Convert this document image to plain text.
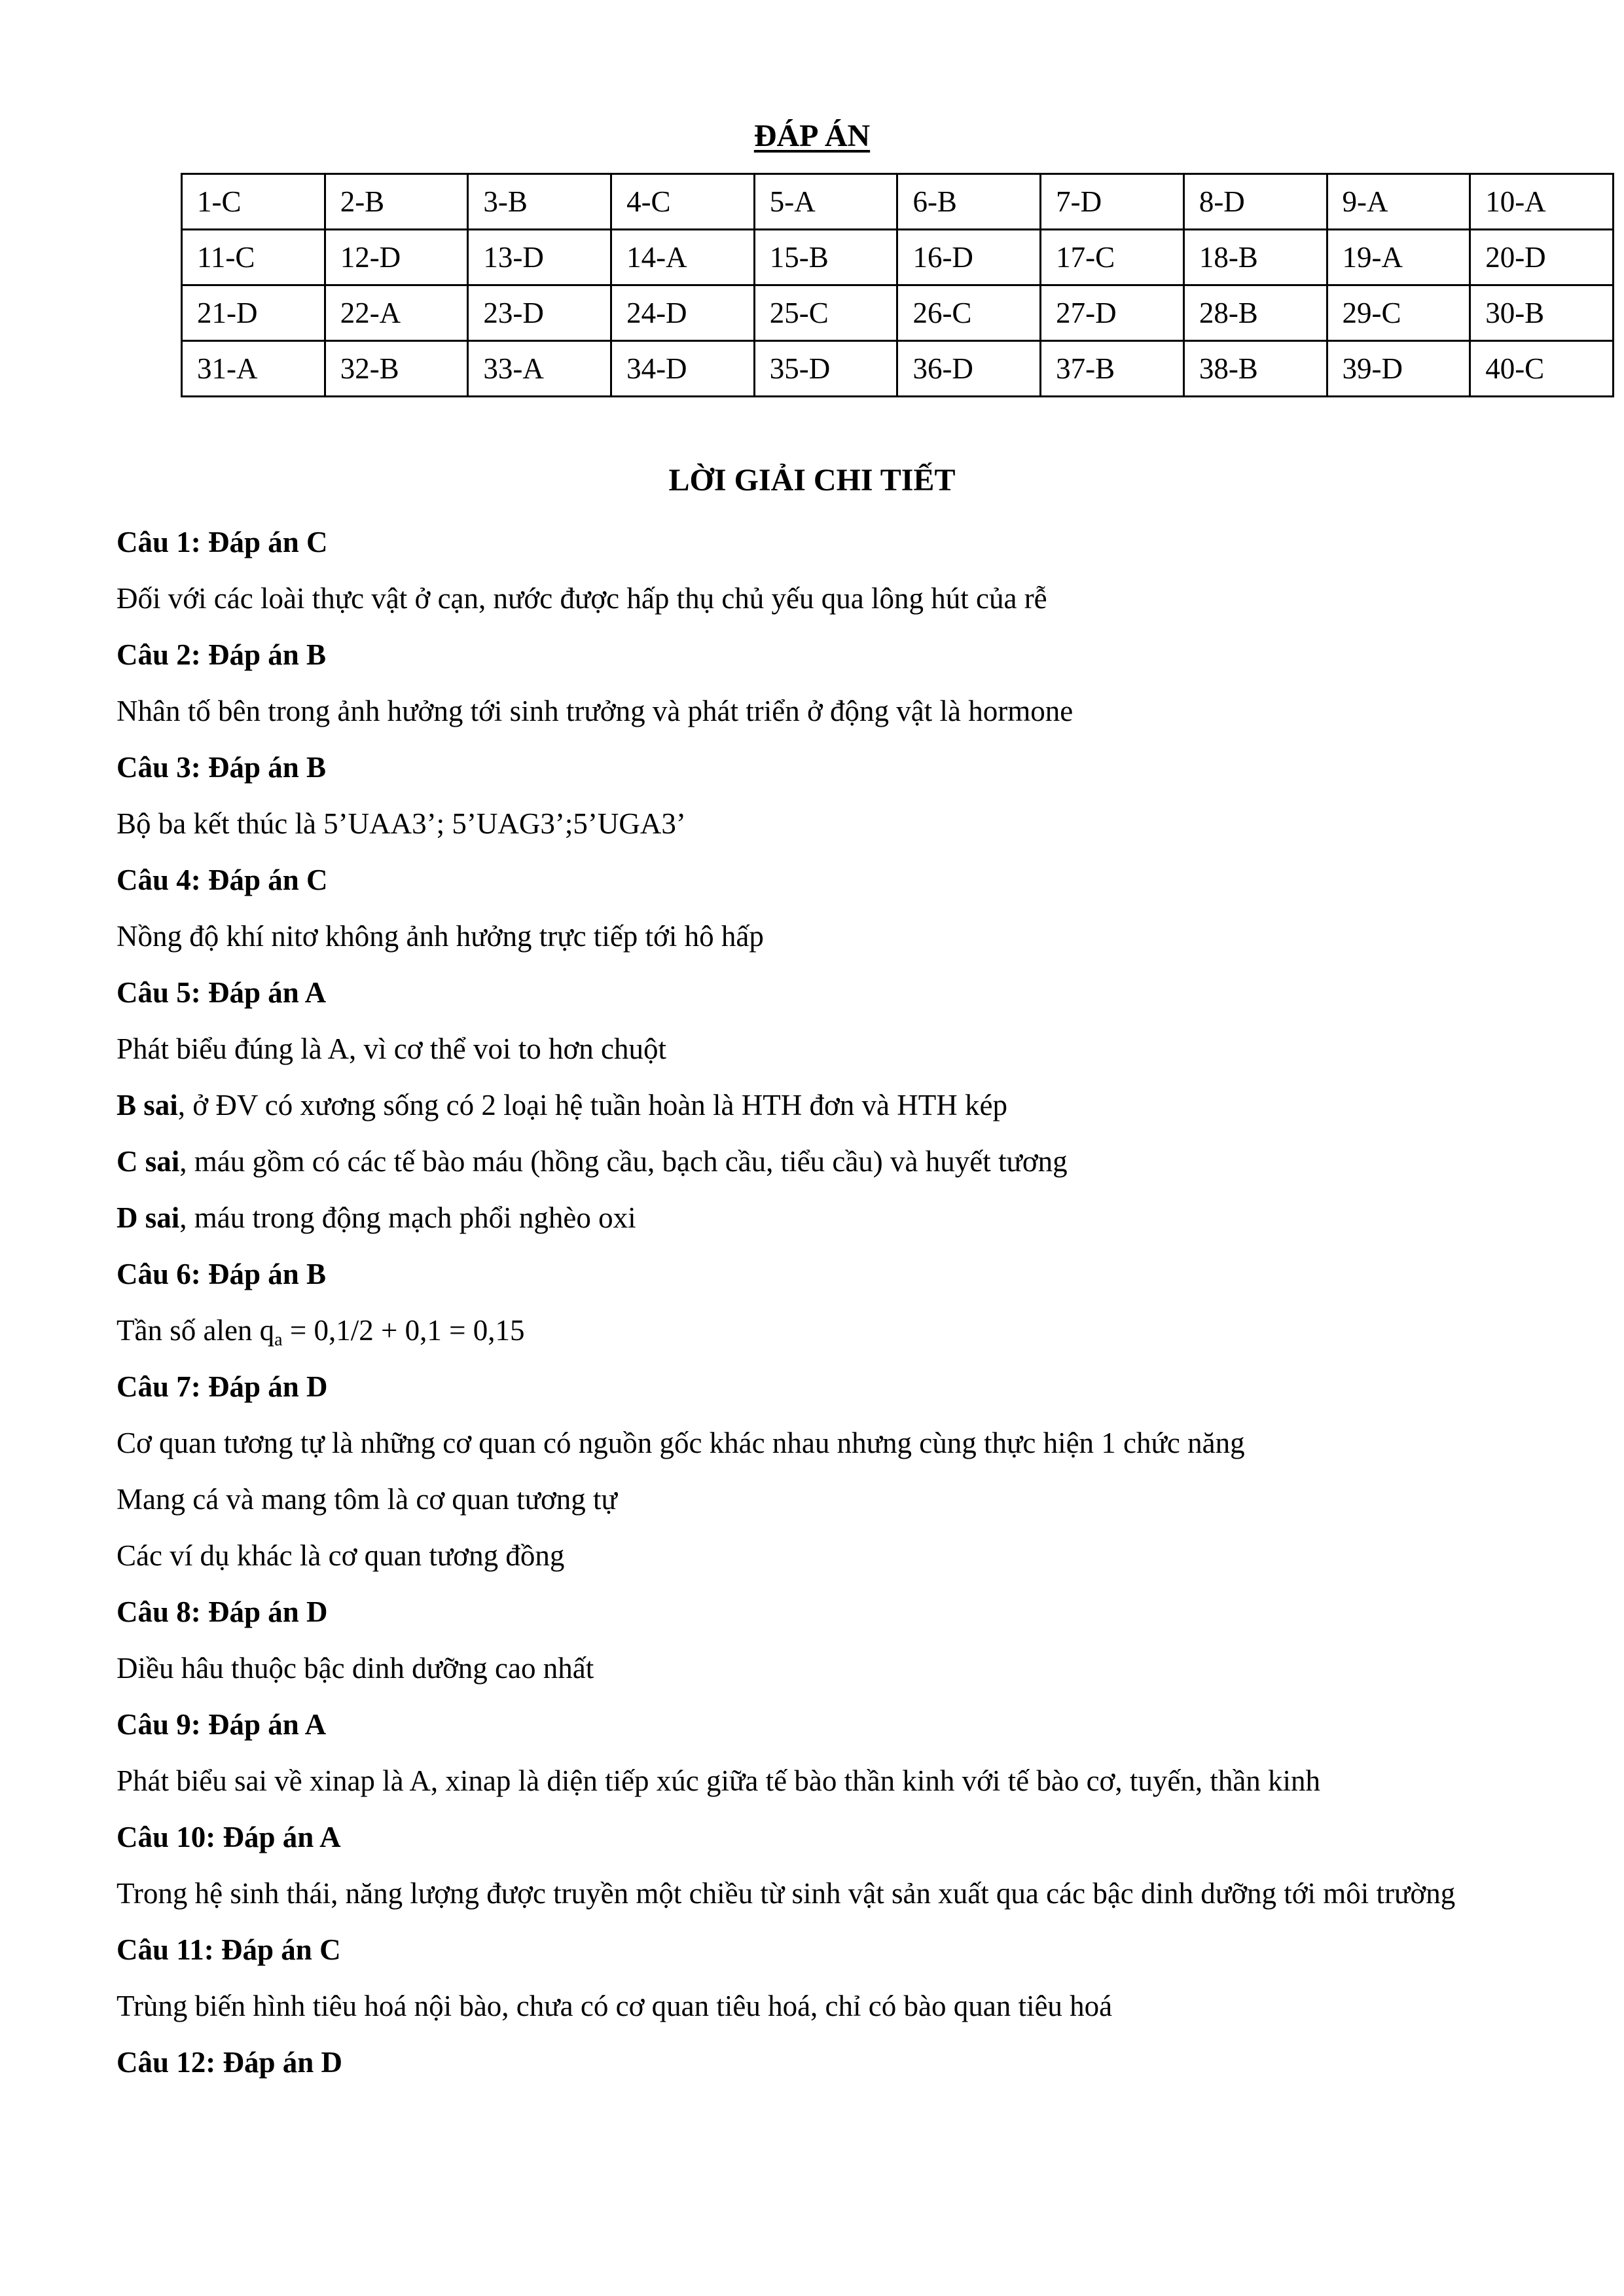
ĐÁP ÁN
1-C	2-B	3-B	4-C	5-A	6-B	7-D	8-D	9-A	10-A
11-C	12-D	13-D	14-A	15-B	16-D	17-C	18-B	19-A	20-D
21-D	22-A	23-D	24-D	25-C	26-C	27-D	28-B	29-C	30-B
31-A	32-B	33-A	34-D	35-D	36-D	37-B	38-B	39-D	40-C
LỜI GIẢI CHI TIẾT
Câu 1: Đáp án C
Đối với các loài thực vật ở cạn, nước được hấp thụ chủ yếu qua lông hút của rễ
Câu 2: Đáp án B
Nhân tố bên trong ảnh hưởng tới sinh trưởng và phát triển ở động vật là hormone
Câu 3: Đáp án B
Bộ ba kết thúc là 5’UAA3’; 5’UAG3’;5’UGA3’
Câu 4: Đáp án C
Nồng độ khí nitơ không ảnh hưởng trực tiếp tới hô hấp
Câu 5: Đáp án A
Phát biểu đúng là A, vì cơ thể voi to hơn chuột
B sai, ở ĐV có xương sống có 2 loại hệ tuần hoàn là HTH đơn và HTH kép
C sai, máu gồm có các tế bào máu (hồng cầu, bạch cầu, tiểu cầu) và huyết tương
D sai, máu trong động mạch phổi nghèo oxi
Câu 6: Đáp án B
Tần số alen $q_a = 0,1/2 + 0,1 = 0,15$
Câu 7: Đáp án D
Cơ quan tương tự là những cơ quan có nguồn gốc khác nhau nhưng cùng thực hiện 1 chức năng
Mang cá và mang tôm là cơ quan tương tự
Các ví dụ khác là cơ quan tương đồng
Câu 8: Đáp án D
Diều hâu thuộc bậc dinh dưỡng cao nhất
Câu 9: Đáp án A
Phát biểu sai về xinap là A, xinap là diện tiếp xúc giữa tế bào thần kinh với tế bào cơ, tuyến, thần kinh
Câu 10: Đáp án A
Trong hệ sinh thái, năng lượng được truyền một chiều từ sinh vật sản xuất qua các bậc dinh dưỡng tới môi trường
Câu 11: Đáp án C
Trùng biến hình tiêu hoá nội bào, chưa có cơ quan tiêu hoá, chỉ có bào quan tiêu hoá
Câu 12: Đáp án D
